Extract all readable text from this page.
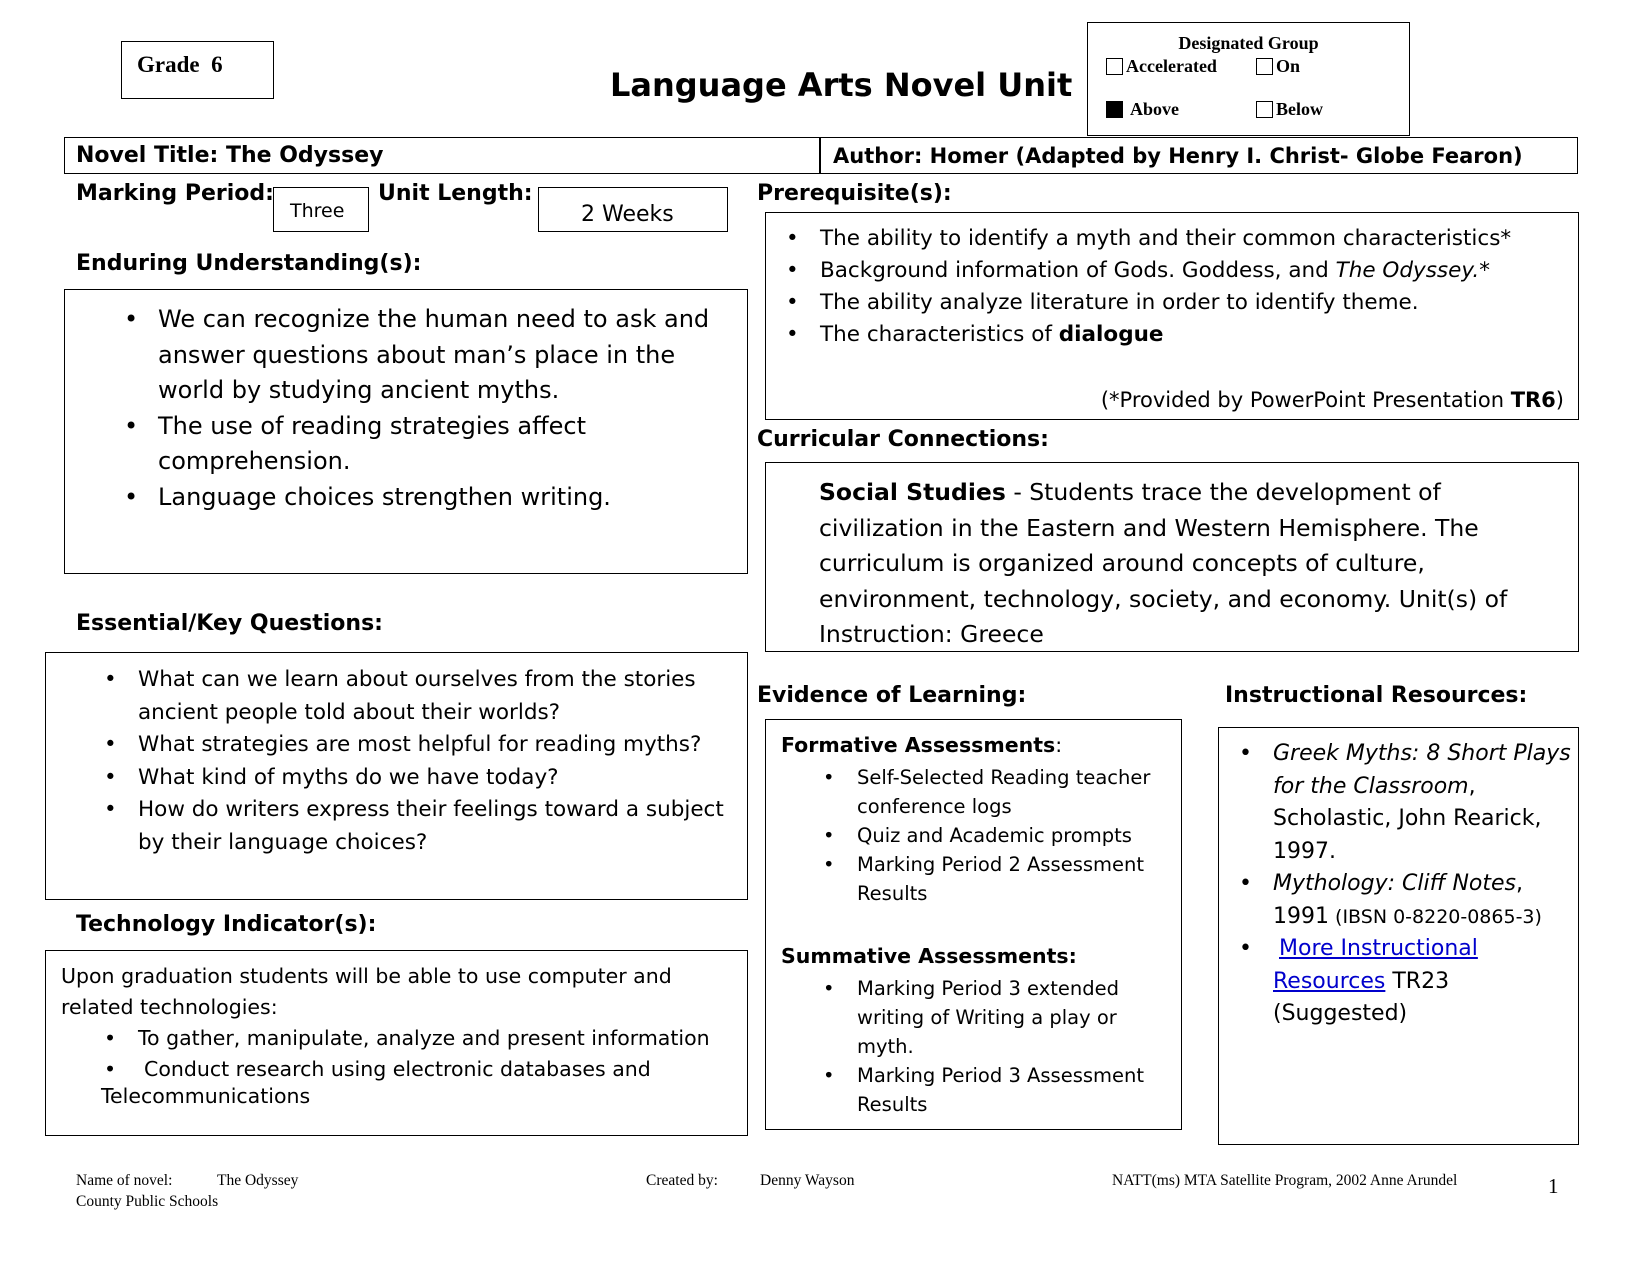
Grade  6
Language Arts Novel Unit
Designated Group
Accelerated	On
Above	Below
Novel Title: The Odyssey	Author: Homer (Adapted by Henry I. Christ- Globe Fearon)
Marking Period:
Three
Unit Length:
2 Weeks
Enduring Understanding(s):
• We can recognize the human need to ask and answer questions about man’s place in the world by studying ancient myths.
• The use of reading strategies affect comprehension.
• Language choices strengthen writing.
Essential/Key Questions:
• What can we learn about ourselves from the stories ancient people told about their worlds?
• What strategies are most helpful for reading myths?
• What kind of myths do we have today?
• How do writers express their feelings toward a subject by their language choices?
Technology Indicator(s):
Upon graduation students will be able to use computer and related technologies:
• To gather, manipulate, analyze and present information
• Conduct research using electronic databases and
Telecommunications
Prerequisite(s):
• The ability to identify a myth and their common characteristics*
• Background information of Gods. Goddess, and The Odyssey.*
• The ability analyze literature in order to identify theme.
• The characteristics of dialogue
(*Provided by PowerPoint Presentation TR6)
Curricular Connections:
Social Studies - Students trace the development of civilization in the Eastern and Western Hemisphere. The curriculum is organized around concepts of culture, environment, technology, society, and economy. Unit(s) of Instruction: Greece
Evidence of Learning:
Formative Assessments:
• Self-Selected Reading teacher conference logs
• Quiz and Academic prompts
• Marking Period 2 Assessment Results
Summative Assessments:
• Marking Period 3 extended writing of Writing a play or myth.
• Marking Period 3 Assessment Results
Instructional Resources:
• Greek Myths: 8 Short Plays for the Classroom, Scholastic, John Rearick, 1997.
• Mythology: Cliff Notes, 1991 (IBSN 0-8220-0865-3)
• More Instructional Resources TR23 (Suggested)
Name of novel:	The Odyssey	Created by:	Denny Wayson	NATT(ms) MTA Satellite Program, 2002 Anne Arundel
County Public Schools
1
